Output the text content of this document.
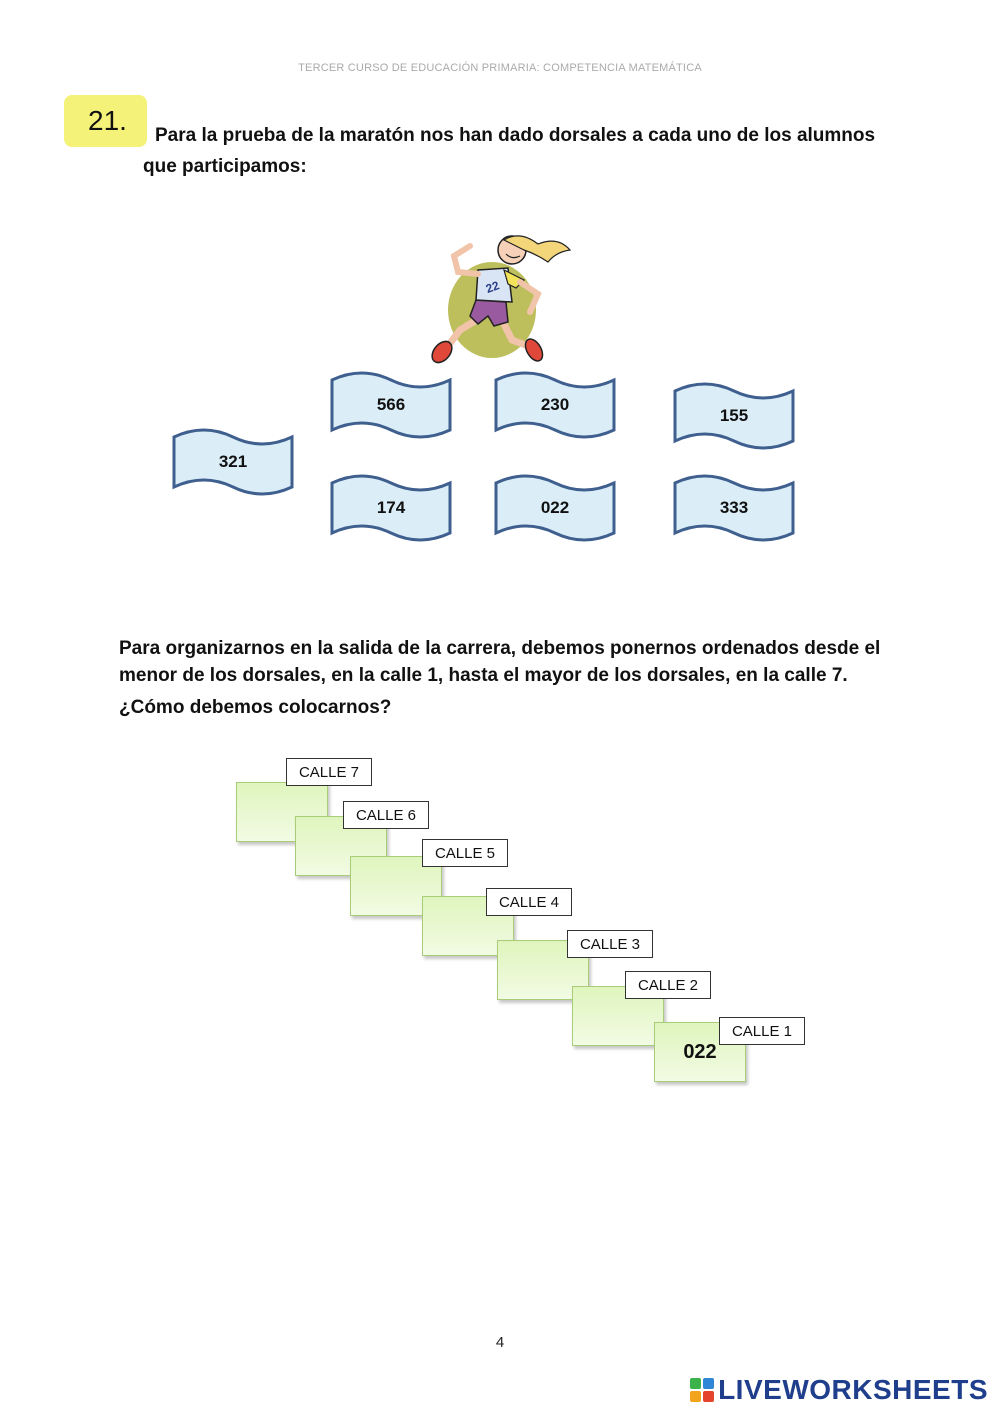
TERCER CURSO DE EDUCACIÓN PRIMARIA: COMPETENCIA MATEMÁTICA
21.	Para la prueba de la maratón nos han dado dorsales a cada uno de los alumnos que participamos:
22
566	230
155
321
174	022	333

Para organizarnos en la salida de la carrera, debemos ponernos ordenados desde el menor de los dorsales, en la calle 1, hasta el mayor de los dorsales, en la calle 7.

¿Cómo debemos colocarnos?

CALLE 7
CALLE 6
CALLE 5
CALLE 4
CALLE 3
CALLE 2
022
CALLE 1
4
LIVEWORKSHEETS
